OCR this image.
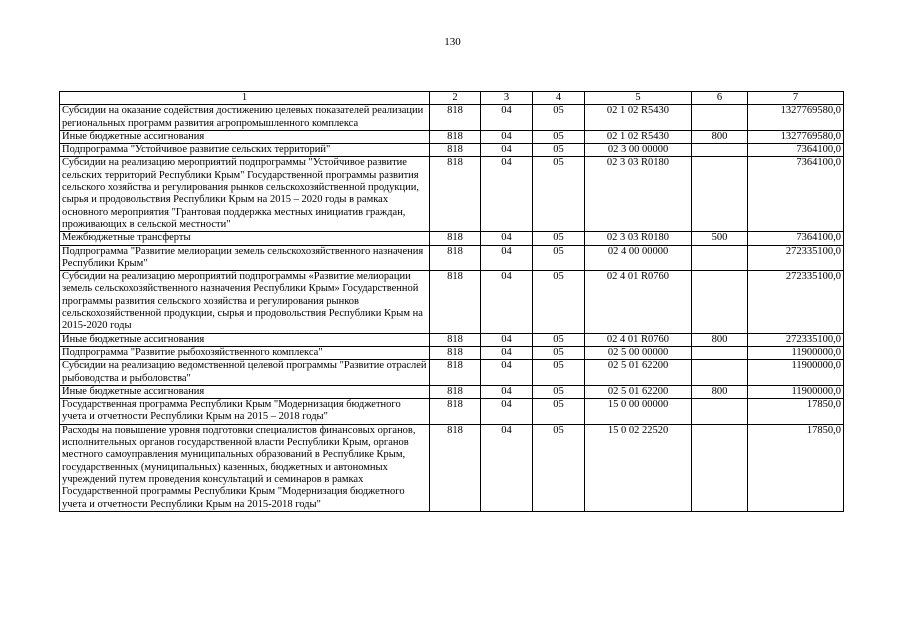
130
1	2	3	4	5	6	7
Субсидии на оказание содействия достижению целевых показателей реализации региональных программ развития агропромышленного комплекса	818	04	05	02 1 02 R5430		1327769580,0
Иные бюджетные ассигнования	818	04	05	02 1 02 R5430	800	1327769580,0
Подпрограмма "Устойчивое развитие сельских территорий"	818	04	05	02 3 00 00000		7364100,0
Субсидии на реализацию мероприятий подпрограммы "Устойчивое развитие сельских территорий Республики Крым" Государственной программы развития сельского хозяйства и регулирования рынков сельскохозяйственной продукции, сырья и продовольствия Республики Крым на 2015 – 2020 годы в рамках основного мероприятия "Грантовая поддержка местных инициатив граждан, проживающих в сельской местности"	818	04	05	02 3 03 R0180		7364100,0
Межбюджетные трансферты	818	04	05	02 3 03 R0180	500	7364100,0
Подпрограмма "Развитие мелиорации земель сельскохозяйственного назначения Республики Крым"	818	04	05	02 4 00 00000		272335100,0
Субсидии на реализацию мероприятий подпрограммы «Развитие мелиорации земель сельскохозяйственного назначения Республики Крым» Государственной программы развития сельского хозяйства и регулирования рынков сельскохозяйственной продукции, сырья и продовольствия Республики Крым на 2015-2020 годы	818	04	05	02 4 01 R0760		272335100,0
Иные бюджетные ассигнования	818	04	05	02 4 01 R0760	800	272335100,0
Подпрограмма "Развитие рыбохозяйственного комплекса"	818	04	05	02 5 00 00000		11900000,0
Субсидии на реализацию ведомственной целевой программы "Развитие отраслей рыбоводства и рыболовства"	818	04	05	02 5 01 62200		11900000,0
Иные бюджетные ассигнования	818	04	05	02 5 01 62200	800	11900000,0
Государственная программа Республики Крым "Модернизация бюджетного учета и отчетности Республики Крым на 2015 – 2018 годы"	818	04	05	15 0 00 00000		17850,0
Расходы на повышение уровня подготовки специалистов финансовых органов, исполнительных органов государственной власти Республики Крым, органов местного самоуправления муниципальных образований в Республике Крым, государственных (муниципальных) казенных, бюджетных и автономных учреждений путем проведения консультаций и семинаров в рамках Государственной программы Республики Крым "Модернизация бюджетного учета и отчетности Республики Крым на 2015-2018 годы"	818	04	05	15 0 02 22520		17850,0
